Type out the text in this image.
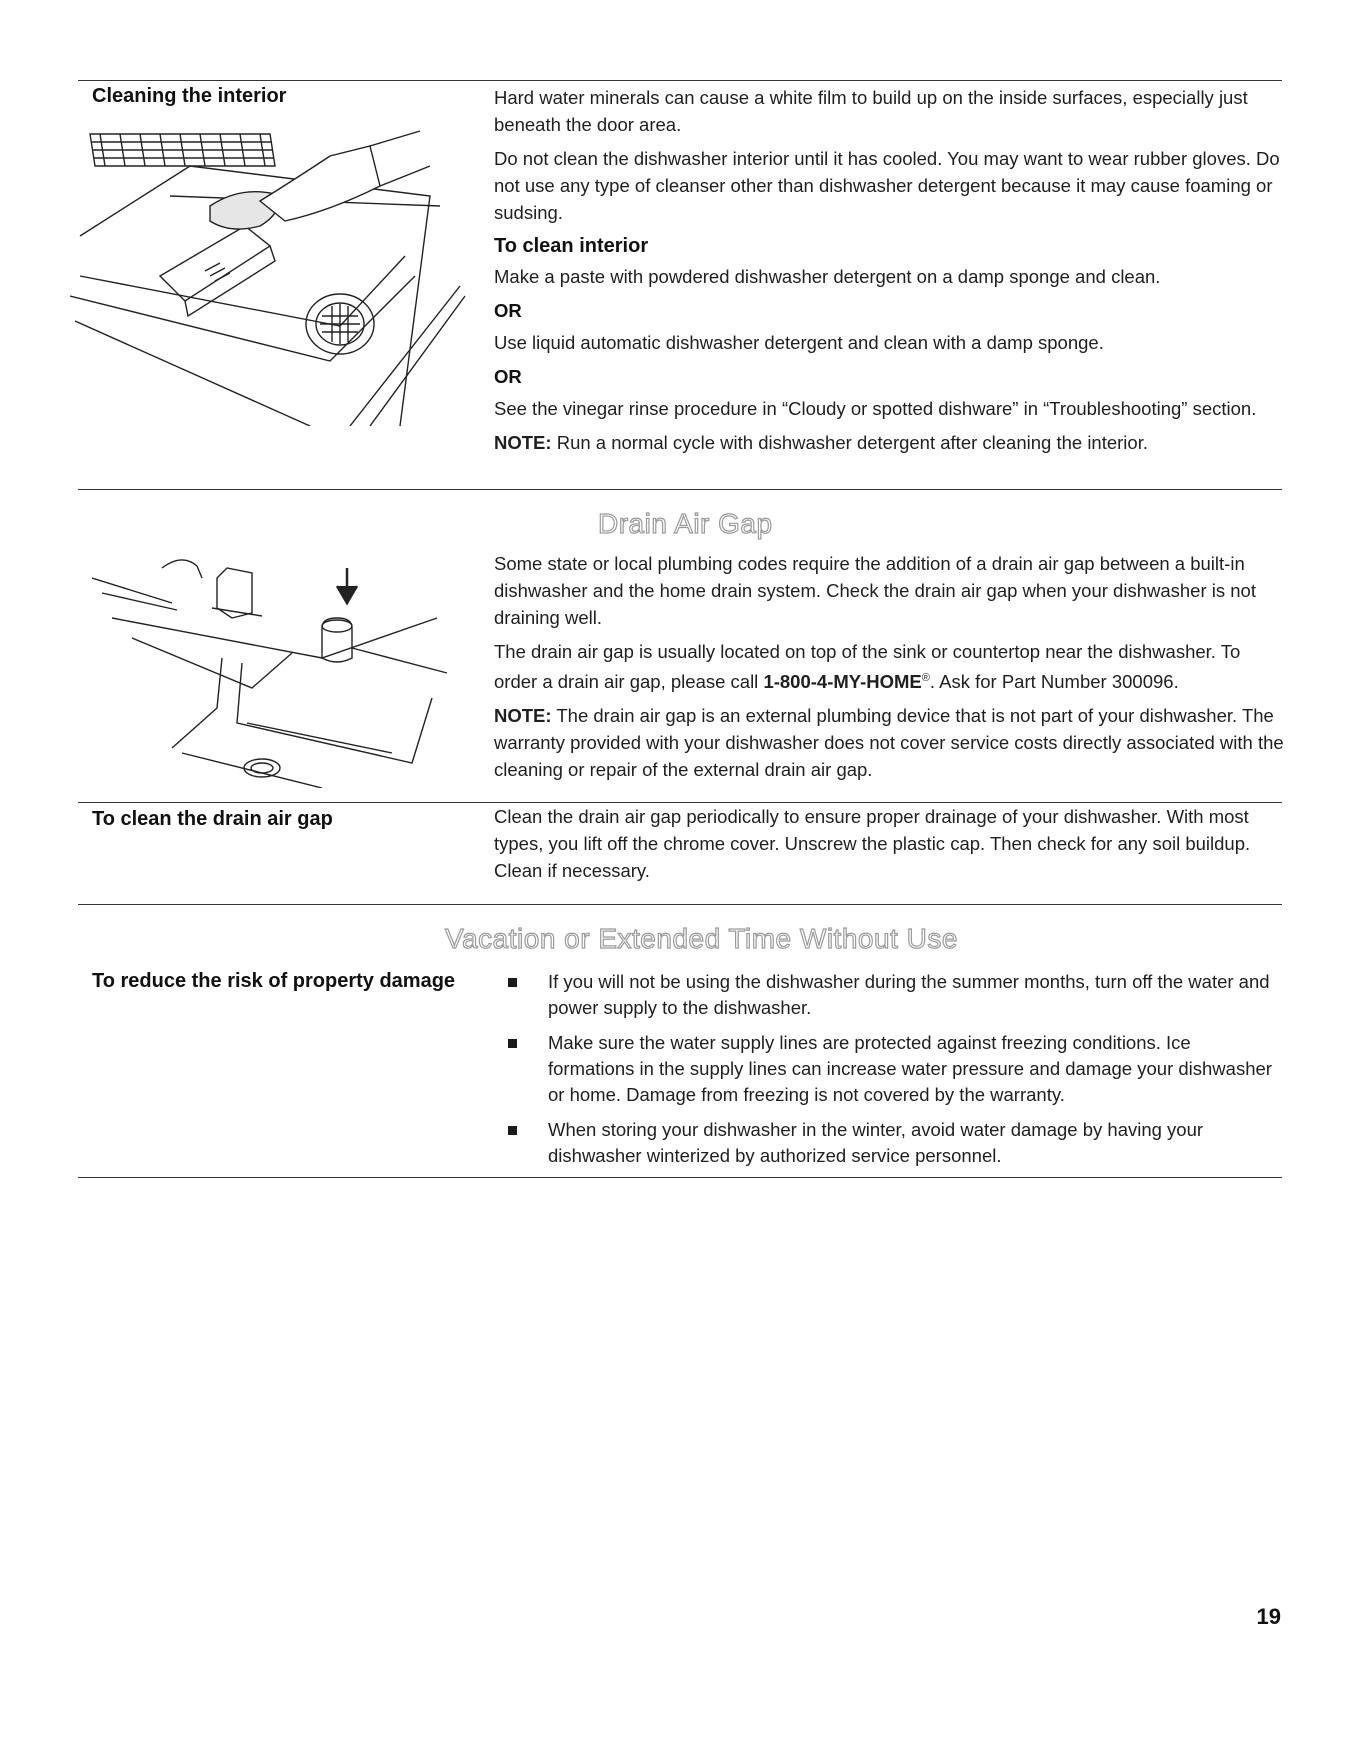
Cleaning the interior	Hard water minerals can cause a white film to build up on the inside surfaces, especially just beneath the door area.

Do not clean the dishwasher interior until it has cooled. You may want to wear rubber gloves. Do not use any type of cleanser other than dishwasher detergent because it may cause foaming or sudsing.

To clean interior

Make a paste with powdered dishwasher detergent on a damp sponge and clean.

OR

Use liquid automatic dishwasher detergent and clean with a damp sponge.

OR

See the vinegar rinse procedure in “Cloudy or spotted dishware” in “Troubleshooting” section.

NOTE: Run a normal cycle with dishwasher detergent after cleaning the interior.

Drain Air Gap

Some state or local plumbing codes require the addition of a drain air gap between a built-in dishwasher and the home drain system. Check the drain air gap when your dishwasher is not draining well.

The drain air gap is usually located on top of the sink or countertop near the dishwasher. To order a drain air gap, please call 1-800-4-MY-HOME®. Ask for Part Number 300096.

NOTE: The drain air gap is an external plumbing device that is not part of your dishwasher. The warranty provided with your dishwasher does not cover service costs directly associated with the cleaning or repair of the external drain air gap.

To clean the drain air gap	Clean the drain air gap periodically to ensure proper drainage of your dishwasher. With most types, you lift off the chrome cover. Unscrew the plastic cap. Then check for any soil buildup. Clean if necessary.

Vacation or Extended Time Without Use
To reduce the risk of property damage	If you will not be using the dishwasher during the summer months, turn off the water and power supply to the dishwasher.
Make sure the water supply lines are protected against freezing conditions. Ice formations in the supply lines can increase water pressure and damage your dishwasher or home. Damage from freezing is not covered by the warranty.
When storing your dishwasher in the winter, avoid water damage by having your dishwasher winterized by authorized service personnel.
19
